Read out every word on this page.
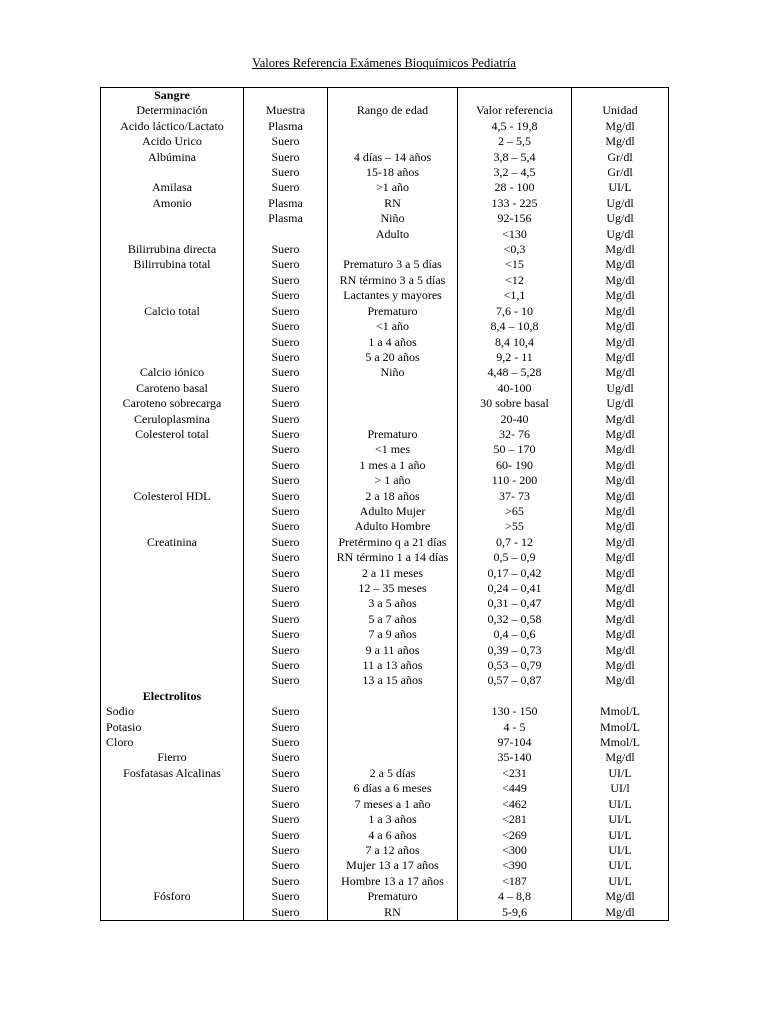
Valores Referencia Exámenes Bioquímicos Pediatría
Sangre				
Determinación	Muestra	Rango de edad	Valor referencia	Unidad
Acido láctico/Lactato	Plasma		4,5 - 19,8	Mg/dl
Acido Urico	Suero		2 – 5,5	Mg/dl
Albúmina	Suero	4 días – 14 años	3,8 – 5,4	Gr/dl
	Suero	15-18 años	3,2 – 4,5	Gr/dl
Amilasa	Suero	>1 año	28 - 100	UI/L
Amonio	Plasma	RN	133 - 225	Ug/dl
	Plasma	Niño	92-156	Ug/dl
		Adulto	<130	Ug/dl
Bilirrubina directa	Suero		<0,3	Mg/dl
Bilirrubina total	Suero	Prematuro 3 a 5 días	<15	Mg/dl
	Suero	RN término 3 a 5 días	<12	Mg/dl
	Suero	Lactantes y mayores	<1,1	Mg/dl
Calcio total	Suero	Prematuro	7,6 - 10	Mg/dl
	Suero	<1 año	8,4 – 10,8	Mg/dl
	Suero	1 a 4 años	8,4 10,4	Mg/dl
	Suero	5 a 20 años	9,2 - 11	Mg/dl
Calcio iónico	Suero	Niño	4,48 – 5,28	Mg/dl
Caroteno basal	Suero		40-100	Ug/dl
Caroteno sobrecarga	Suero		30 sobre basal	Ug/dl
Ceruloplasmina	Suero		20-40	Mg/dl
Colesterol total	Suero	Prematuro	32- 76	Mg/dl
	Suero	<1 mes	50 – 170	Mg/dl
	Suero	1 mes a 1 año	60- 190	Mg/dl
	Suero	> 1 año	110 - 200	Mg/dl
Colesterol HDL	Suero	2 a 18 años	37- 73	Mg/dl
	Suero	Adulto Mujer	>65	Mg/dl
	Suero	Adulto Hombre	>55	Mg/dl
Creatinina	Suero	Pretérmino q a 21 días	0,7 - 12	Mg/dl
	Suero	RN término 1 a 14 días	0,5 – 0,9	Mg/dl
	Suero	2 a 11 meses	0,17 – 0,42	Mg/dl
	Suero	12 – 35 meses	0,24 – 0,41	Mg/dl
	Suero	3 a 5 años	0,31 – 0,47	Mg/dl
	Suero	5 a 7 años	0,32 – 0,58	Mg/dl
	Suero	7 a 9 años	0,4 – 0,6	Mg/dl
	Suero	9 a 11 años	0,39 – 0,73	Mg/dl
	Suero	11 a 13 años	0,53 – 0,79	Mg/dl
	Suero	13 a 15 años	0,57 – 0,87	Mg/dl
Electrolitos				
Sodio	Suero		130 - 150	Mmol/L
Potasio	Suero		4 - 5	Mmol/L
Cloro	Suero		97-104	Mmol/L
Fierro	Suero		35-140	Mg/dl
Fosfatasas Alcalinas	Suero	2 a 5 días	<231	UI/L
	Suero	6 días a 6 meses	<449	UI/l
	Suero	7 meses a 1 año	<462	UI/L
	Suero	1 a 3 años	<281	UI/L
	Suero	4 a 6 años	<269	UI/L
	Suero	7 a 12 años	<300	UI/L
	Suero	Mujer 13 a 17 años	<390	UI/L
	Suero	Hombre 13 a 17 años	<187	UI/L
Fósforo	Suero	Prematuro	4 – 8,8	Mg/dl
	Suero	RN	5-9,6	Mg/dl
